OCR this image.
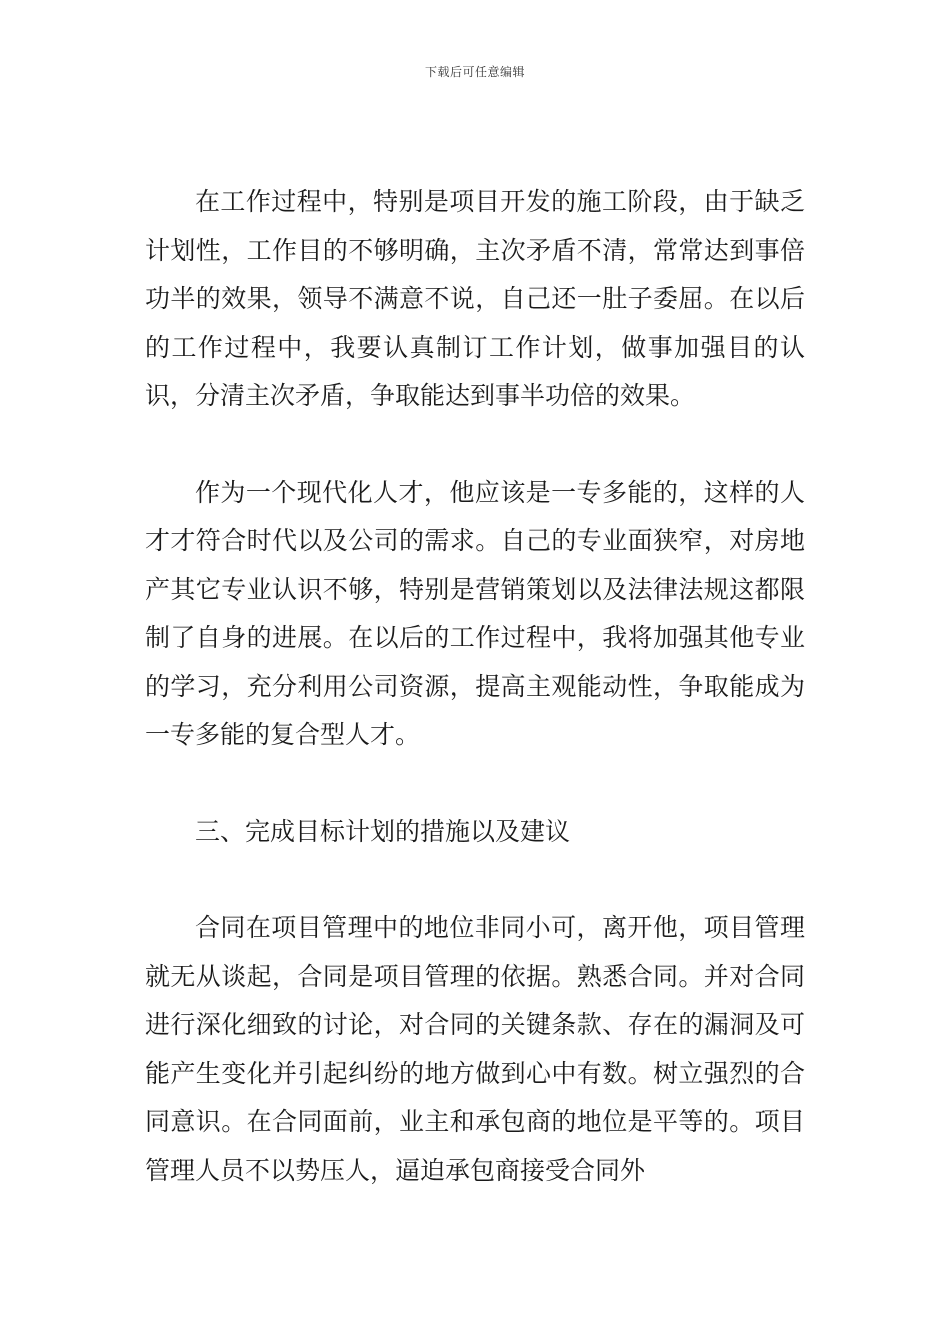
下载后可任意编辑

在工作过程中，特别是项目开发的施工阶段，由于缺乏计划性，工作目的不够明确，主次矛盾不清，常常达到事倍功半的效果，领导不满意不说，自己还一肚子委屈。在以后的工作过程中，我要认真制订工作计划，做事加强目的认识，分清主次矛盾，争取能达到事半功倍的效果。

作为一个现代化人才，他应该是一专多能的，这样的人才才符合时代以及公司的需求。自己的专业面狭窄，对房地产其它专业认识不够，特别是营销策划以及法律法规这都限制了自身的进展。在以后的工作过程中，我将加强其他专业的学习，充分利用公司资源，提高主观能动性，争取能成为一专多能的复合型人才。

三、完成目标计划的措施以及建议

合同在项目管理中的地位非同小可，离开他，项目管理就无从谈起，合同是项目管理的依据。熟悉合同。并对合同进行深化细致的讨论，对合同的关键条款、存在的漏洞及可能产生变化并引起纠纷的地方做到心中有数。树立强烈的合同意识。在合同面前，业主和承包商的地位是平等的。项目管理人员不以势压人，逼迫承包商接受合同外
